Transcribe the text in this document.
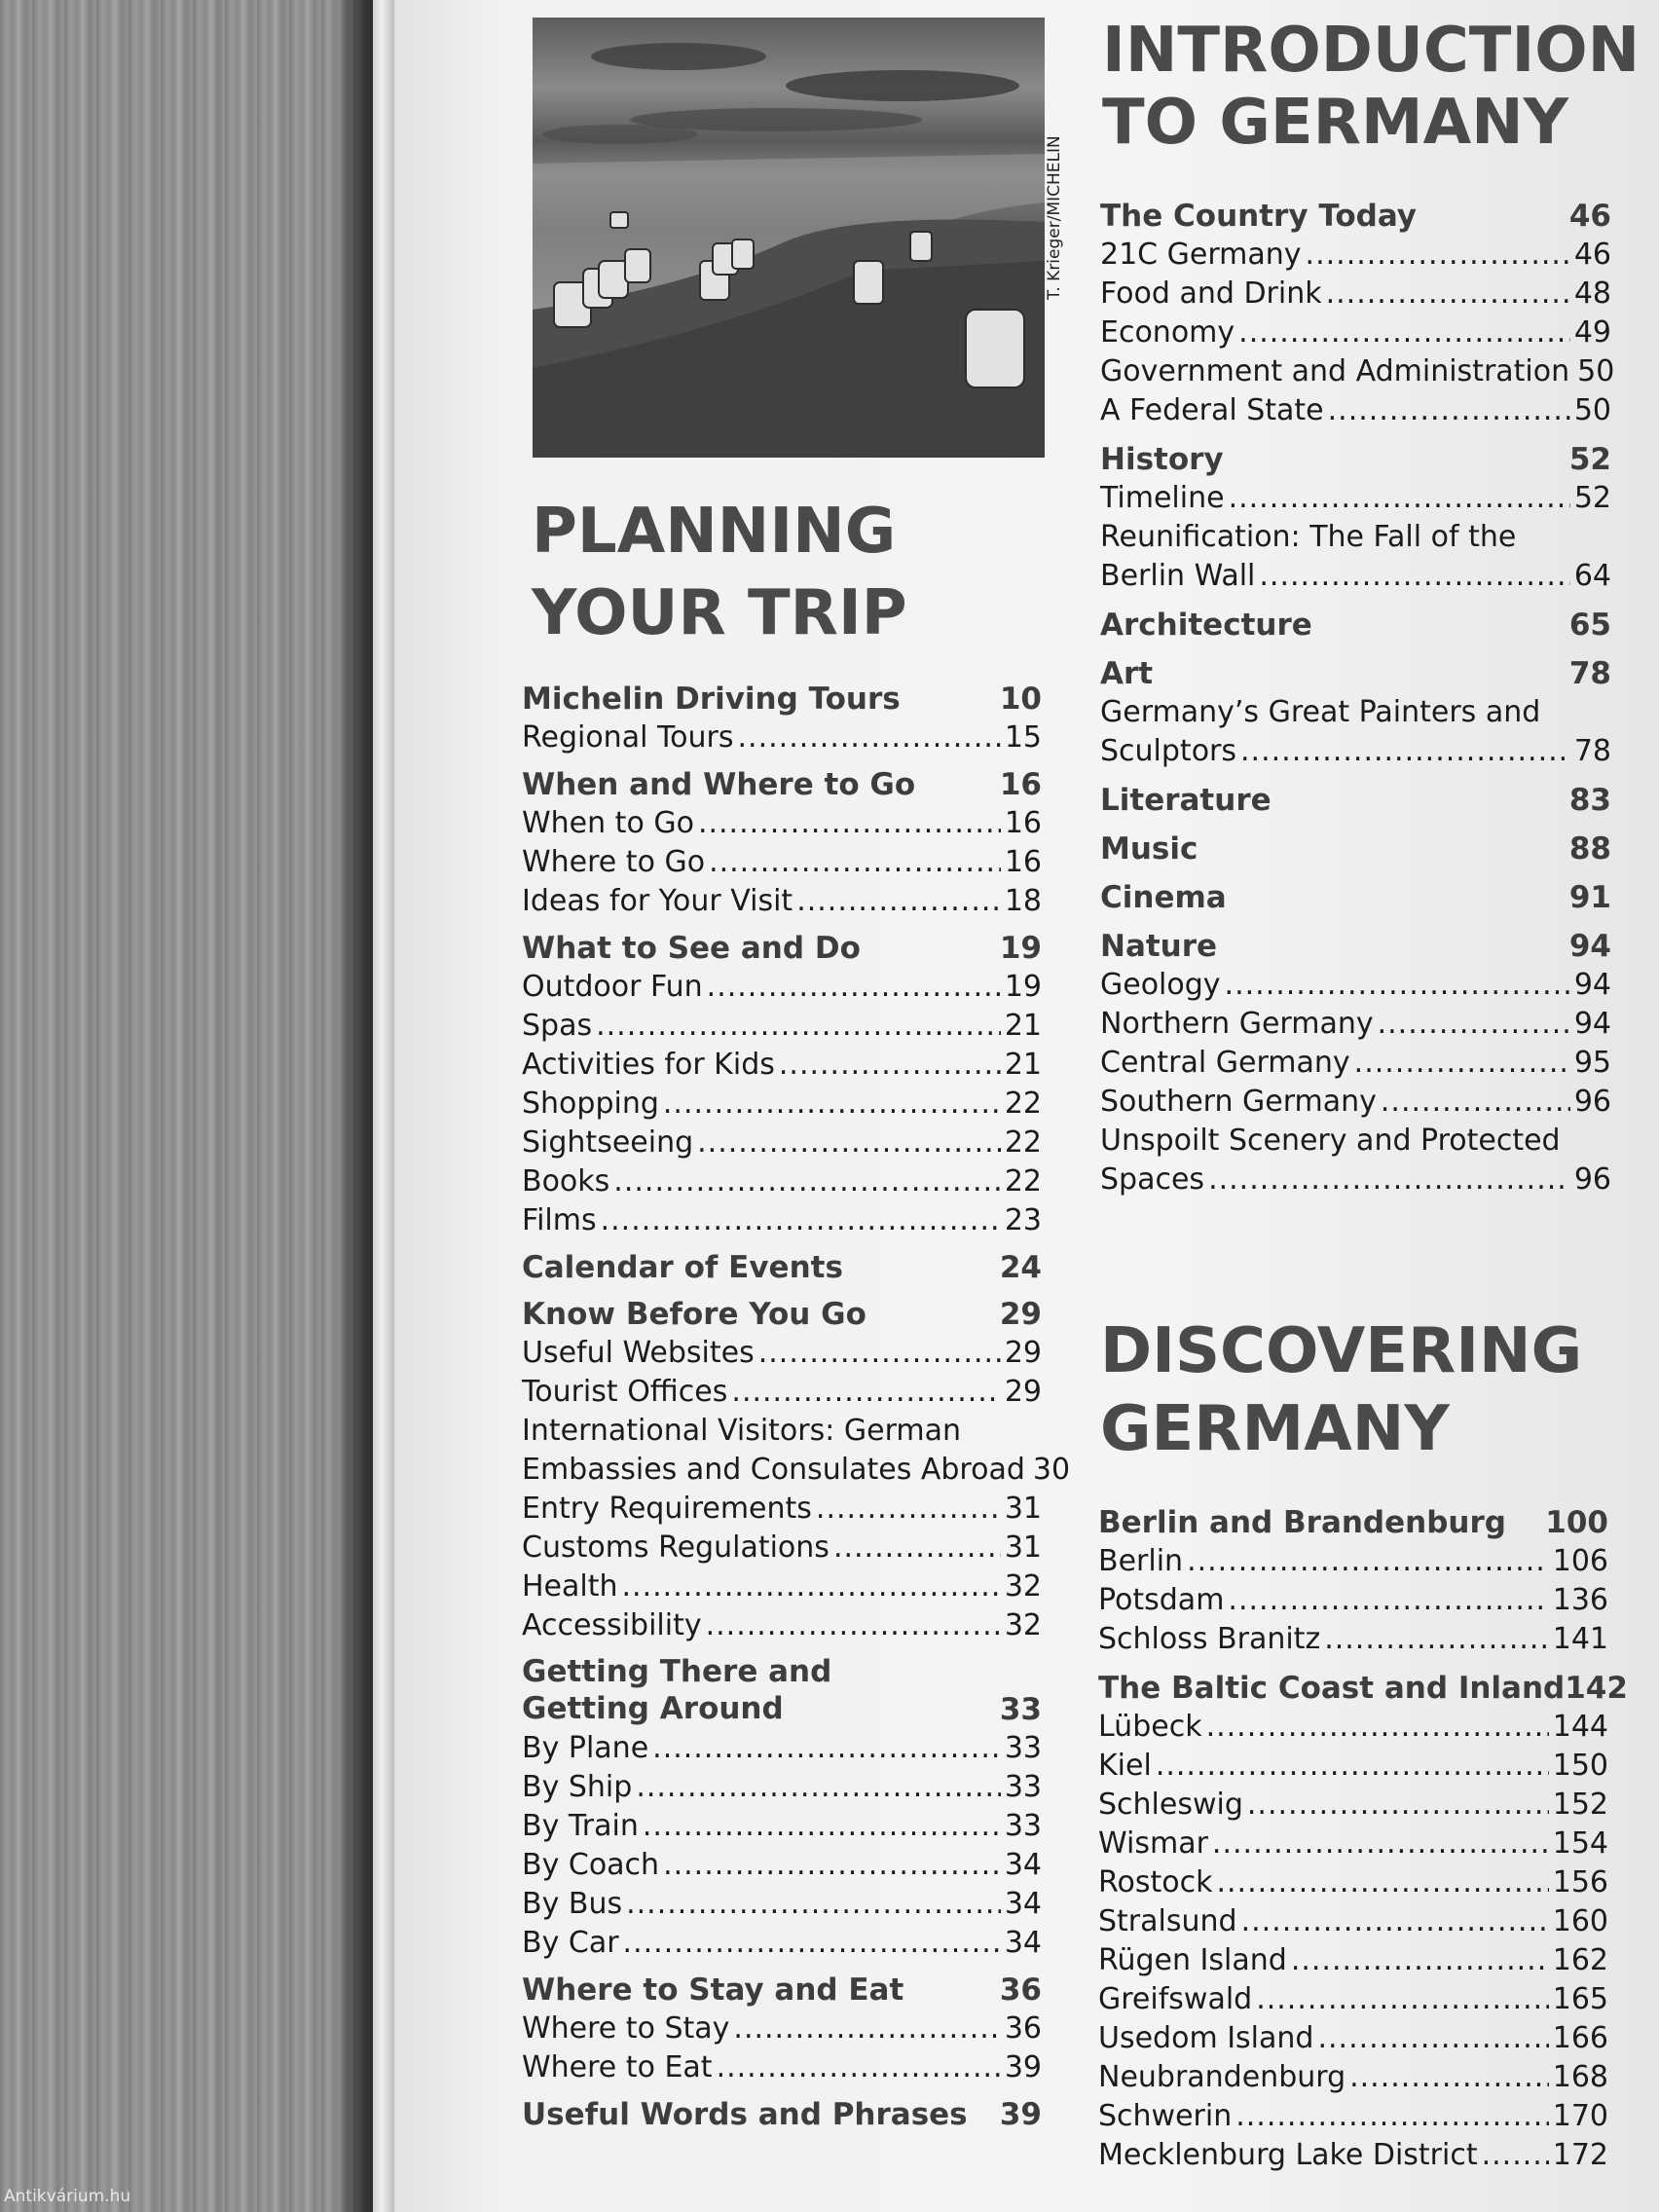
T. Krieger/MICHELIN
PLANNING
YOUR TRIP
INTRODUCTION
TO GERMANY
DISCOVERING
GERMANY
Antikvárium.hu
Michelin Driving Tours	10
Regional Tours .....	15
When and Where to Go	16
When to Go .....	16
Where to Go .....	16
Ideas for Your Visit .....	18
What to See and Do	19
Outdoor Fun .....	19
Spas .....	21
Activities for Kids .....	21
Shopping .....	22
Sightseeing .....	22
Books .....	22
Films .....	23
Calendar of Events	24
Know Before You Go	29
Useful Websites .....	29
Tourist Offices .....	29
International Visitors: German
Embassies and Consulates Abroad 30
Entry Requirements .....	31
Customs Regulations .....	31
Health .....	32
Accessibility .....	32
Getting There and
Getting Around	33
By Plane .....	33
By Ship .....	33
By Train .....	33
By Coach .....	34
By Bus .....	34
By Car .....	34
Where to Stay and Eat	36
Where to Stay .....	36
Where to Eat .....	39
Useful Words and Phrases 39
The Country Today	46
21C Germany .....	46
Food and Drink .....	48
Economy .....	49
Government and Administration 50
A Federal State .....	50
History	52
Timeline .....	52
Reunification: The Fall of the
Berlin Wall .....	64
Architecture	65
Art	78
Germany’s Great Painters and
Sculptors .....	78
Literature	83
Music	88
Cinema	91
Nature	94
Geology .....	94
Northern Germany .....	94
Central Germany .....	95
Southern Germany .....	96
Unspoilt Scenery and Protected
Spaces .....	96
Berlin and Brandenburg 100
Berlin .....	106
Potsdam .....	136
Schloss Branitz .....	141
The Baltic Coast and Inland 142
Lübeck .....	144
Kiel .....	150
Schleswig .....	152
Wismar .....	154
Rostock .....	156
Stralsund .....	160
Rügen Island .....	162
Greifswald .....	165
Usedom Island .....	166
Neubrandenburg .....	168
Schwerin .....	170
Mecklenburg Lake District .....	172
